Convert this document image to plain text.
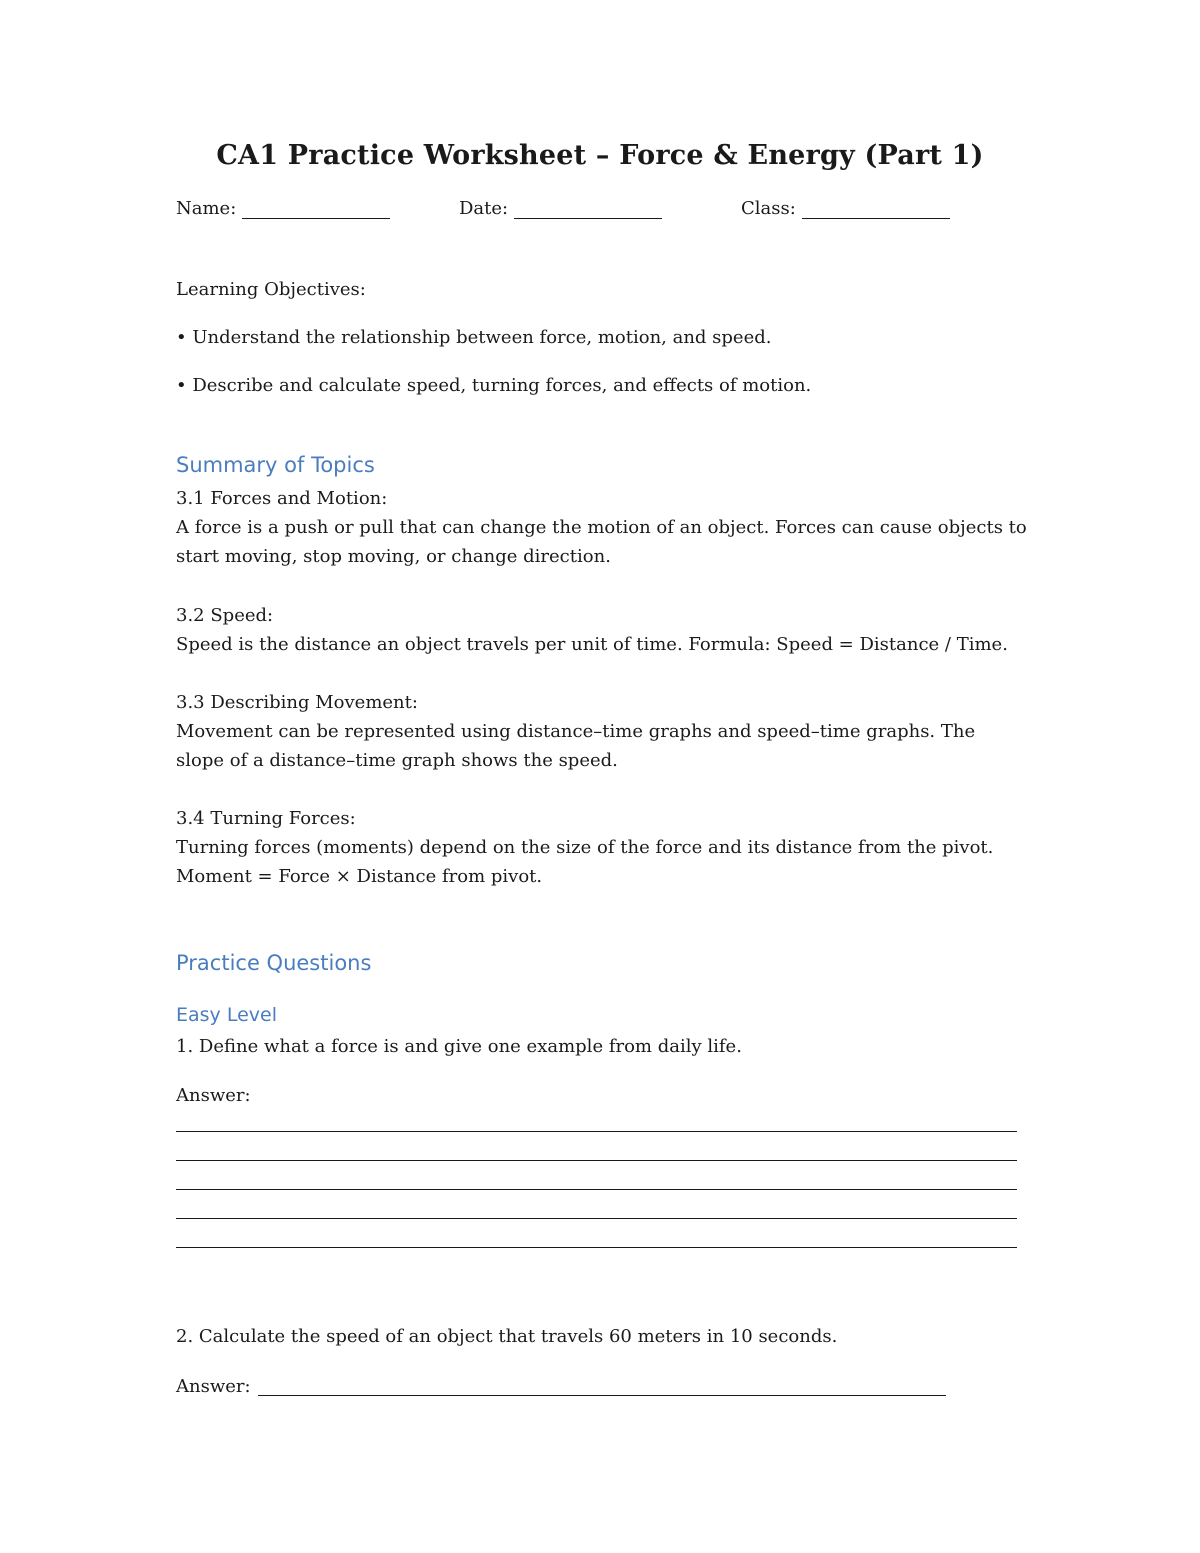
CA1 Practice Worksheet – Force & Energy (Part 1)
Name:	Date:	Class:
Learning Objectives:
• Understand the relationship between force, motion, and speed.
• Describe and calculate speed, turning forces, and effects of motion.
Summary of Topics
3.1 Forces and Motion:
A force is a push or pull that can change the motion of an object. Forces can cause objects to
start moving, stop moving, or change direction.
3.2 Speed:
Speed is the distance an object travels per unit of time. Formula: Speed = Distance / Time.
3.3 Describing Movement:
Movement can be represented using distance–time graphs and speed–time graphs. The
slope of a distance–time graph shows the speed.
3.4 Turning Forces:
Turning forces (moments) depend on the size of the force and its distance from the pivot.
Moment = Force × Distance from pivot.
Practice Questions
Easy Level
1. Define what a force is and give one example from daily life.
Answer:
2. Calculate the speed of an object that travels 60 meters in 10 seconds.
Answer:
